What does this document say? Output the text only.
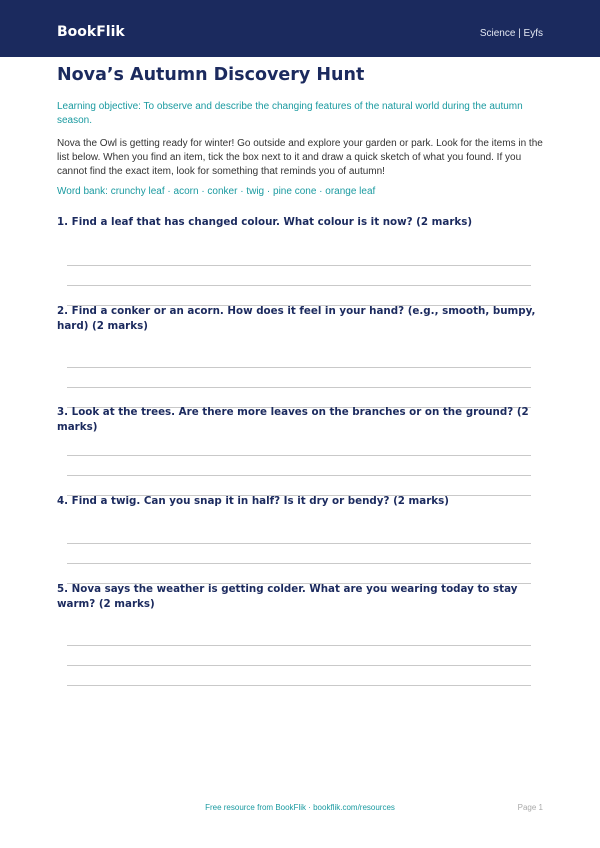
BookFlik	Science | Eyfs
Nova’s Autumn Discovery Hunt
Learning objective: To observe and describe the changing features of the natural world during the autumn season.
Nova the Owl is getting ready for winter! Go outside and explore your garden or park. Look for the items in the list below. When you find an item, tick the box next to it and draw a quick sketch of what you found. If you cannot find the exact item, look for something that reminds you of autumn!
Word bank: crunchy leaf · acorn · conker · twig · pine cone · orange leaf
1. Find a leaf that has changed colour. What colour is it now? (2 marks)
2. Find a conker or an acorn. How does it feel in your hand? (e.g., smooth, bumpy, hard) (2 marks)
3. Look at the trees. Are there more leaves on the branches or on the ground? (2 marks)
4. Find a twig. Can you snap it in half? Is it dry or bendy? (2 marks)
5. Nova says the weather is getting colder. What are you wearing today to stay warm? (2 marks)
Free resource from BookFlik · bookflik.com/resources	Page 1
